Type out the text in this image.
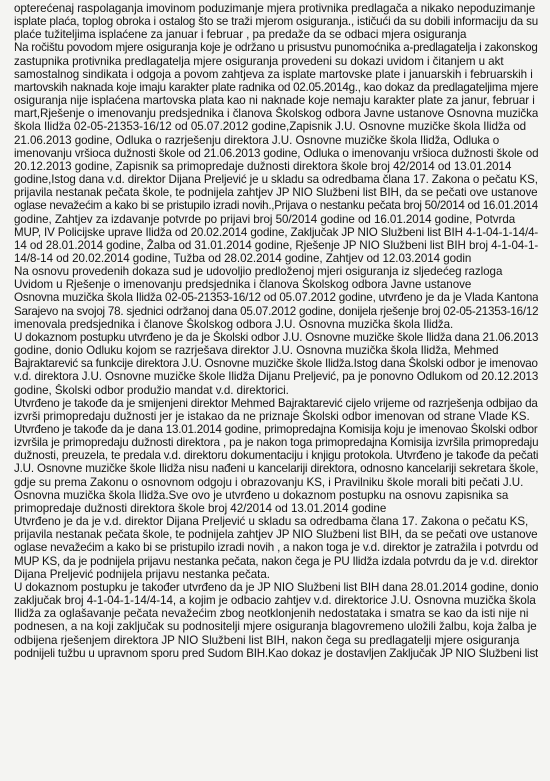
opterećenaj raspolaganja imovinom poduzimanje mjera protivnika predlagača a nikako nepoduzimanje
isplate plaća, toplog obroka i ostalog što se traži mjerom osiguranja., ističući da su dobili informaciju da su
plaće tužiteljima isplaćene za januar i februar , pa predaže da se odbaci mjera osiguranja
Na ročištu povodom mjere osiguranja koje je održano u prisustvu punomoćnika a-predlagatelja i zakonskog
zastupnika protivnika predlagatelja mjere osiguranja provedeni su dokazi uvidom i čitanjem u akt
samostalnog sindikata i odgoja a povom zahtjeva za isplate martovske plate i januarskih i februarskih i
martovskih naknada koje imaju karakter plate radnika od 02.05.2014g., kao dokaz da predlagateljima mjere
osiguranja nije isplaćena martovska plata kao ni naknade koje nemaju karakter plate za janur, februar i
mart,Rješenje o imenovanju predsjednika i članova Školskog odbora Javne ustanove Osnovna muzička
škola Ilidža 02-05-21353-16/12 od 05.07.2012 godine,Zapisnik J.U. Osnovne muzičke škola Ilidža od
21.06.2013 godine, Odluka o razrješenju direktora J.U. Osnovne muzičke škola Ilidža, Odluka o
imenovanju vršioca dužnosti škole od 21.06.2013 godine, Odluka o imenovanju vršioca dužnosti škole od
20.12.2013 godine, Zapisnik sa primopredaje dužnosti direktora škole broj 42/2014 od 13.01.2014
godine,Istog dana v.d. direktor Dijana Preljević je u skladu sa odredbama člana 17. Zakona o pečatu KS,
prijavila nestanak pečata škole, te podnijela zahtjev JP NIO Službeni list BIH, da se pečati ove ustanove
oglase nevažećim a kako bi se pristupilo izradi novih.,Prijava o nestanku pečata broj 50/2014 od 16.01.2014
godine, Zahtjev za izdavanje potvrde po prijavi broj 50/2014 godine od 16.01.2014 godine, Potvrda
MUP, IV Policijske uprave Ilidža od 20.02.2014 godine, Zaključak JP NIO Službeni list BIH 4-1-04-1-14/4-
14 od 28.01.2014 godine, Žalba od 31.01.2014 godine, Rješenje JP NIO Službeni list BIH broj 4-1-04-1-
14/8-14 od 20.02.2014 godine, Tužba od 28.02.2014 godine, Zahtjev od 12.03.2014 godin
Na osnovu provedenih dokaza sud je udovoljio predloženoj mjeri osiguranja iz sljedećeg razloga
Uvidom u Rješenje o imenovanju predsjednika i članova Školskog odbora Javne ustanove
Osnovna muzička škola Ilidža 02-05-21353-16/12 od 05.07.2012 godine, utvrđeno je da je Vlada Kantona
Sarajevo na svojoj 78. sjednici održanoj dana 05.07.2012 godine, donijela rješenje broj 02-05-21353-16/12
imenovala predsjednika i članove Školskog odbora J.U. Osnovna muzička škola Ilidža.
U dokaznom postupku utvrđeno je da je Školski odbor J.U. Osnovne muzičke škole Ilidža dana 21.06.2013
godine, donio Odluku kojom se razrješava direktor J.U. Osnovna muzička škola Ilidža, Mehmed
Bajraktarević sa funkcije direktora J.U. Osnovne muzičke škole Ilidža.Istog dana Školski odbor je imenovao
v.d. direktora J.U. Osnovne muzičke škole Ilidža Dijanu Preljević, pa je ponovno Odlukom od 20.12.2013
godine, Školski odbor produžio mandat v.d. direktorici.
Utvrđeno je takođe da je smijenjeni direktor Mehmed Bajraktarević cijelo vrijeme od razrješenja odbijao da
izvrši primopredaju dužnosti jer je istakao da ne priznaje Školski odbor imenovan od strane Vlade KS.
Utvrđeno je takođe da je dana 13.01.2014 godine, primopredajna Komisija koju je imenovao Školski odbor
izvršila je primopredaju dužnosti direktora , pa je nakon toga primopredajna Komisija izvršila primopredaju
dužnosti, preuzela, te predala v.d. direktoru dokumentaciju i knjigu protokola. Utvrđeno je takođe da pečati
J.U. Osnovne muzičke škole Ilidža nisu nađeni u kancelariji direktora, odnosno kancelariji sekretara škole,
gdje su prema Zakonu o osnovnom odgoju i obrazovanju KS, i Pravilniku škole morali biti pečati J.U.
Osnovna muzička škola Ilidža.Sve ovo je utvrđeno u dokaznom postupku na osnovu zapisnika sa
primopredaje dužnosti direktora škole broj 42/2014 od 13.01.2014 godine
Utvrđeno je da je v.d. direktor Dijana Preljević u skladu sa odredbama člana 17. Zakona o pečatu KS,
prijavila nestanak pečata škole, te podnijela zahtjev JP NIO Službeni list BIH, da se pečati ove ustanove
oglase nevažećim a kako bi se pristupilo izradi novih , a nakon toga je v.d. direktor je zatražila i potvrdu od
MUP KS, da je podnijela prijavu nestanka pečata, nakon čega je PU Ilidža izdala potvrdu da je v.d. direktor
Dijana Preljević podnijela prijavu nestanka pečata.
U dokaznom postupku je također utvrđeno da je JP NIO Službeni list BIH dana 28.01.2014 godine, donio
zaključak broj 4-1-04-1-14/4-14, a kojim je odbacio zahtjev v.d. direktorice J.U. Osnovna muzička škola
Ilidža za oglašavanje pečata nevažećim zbog neotklonjenih nedostataka i smatra se kao da isti nije ni
podnesen, a na koji zaključak su podnositelji mjere osiguranja blagovremeno uložili žalbu, koja žalba je
odbijena rješenjem direktora JP NIO Službeni list BIH, nakon čega su predlagatelji mjere osiguranja
podnijeli tužbu u upravnom sporu pred Sudom BIH.Kao dokaz je dostavljen Zaključak JP NIO Službeni list
